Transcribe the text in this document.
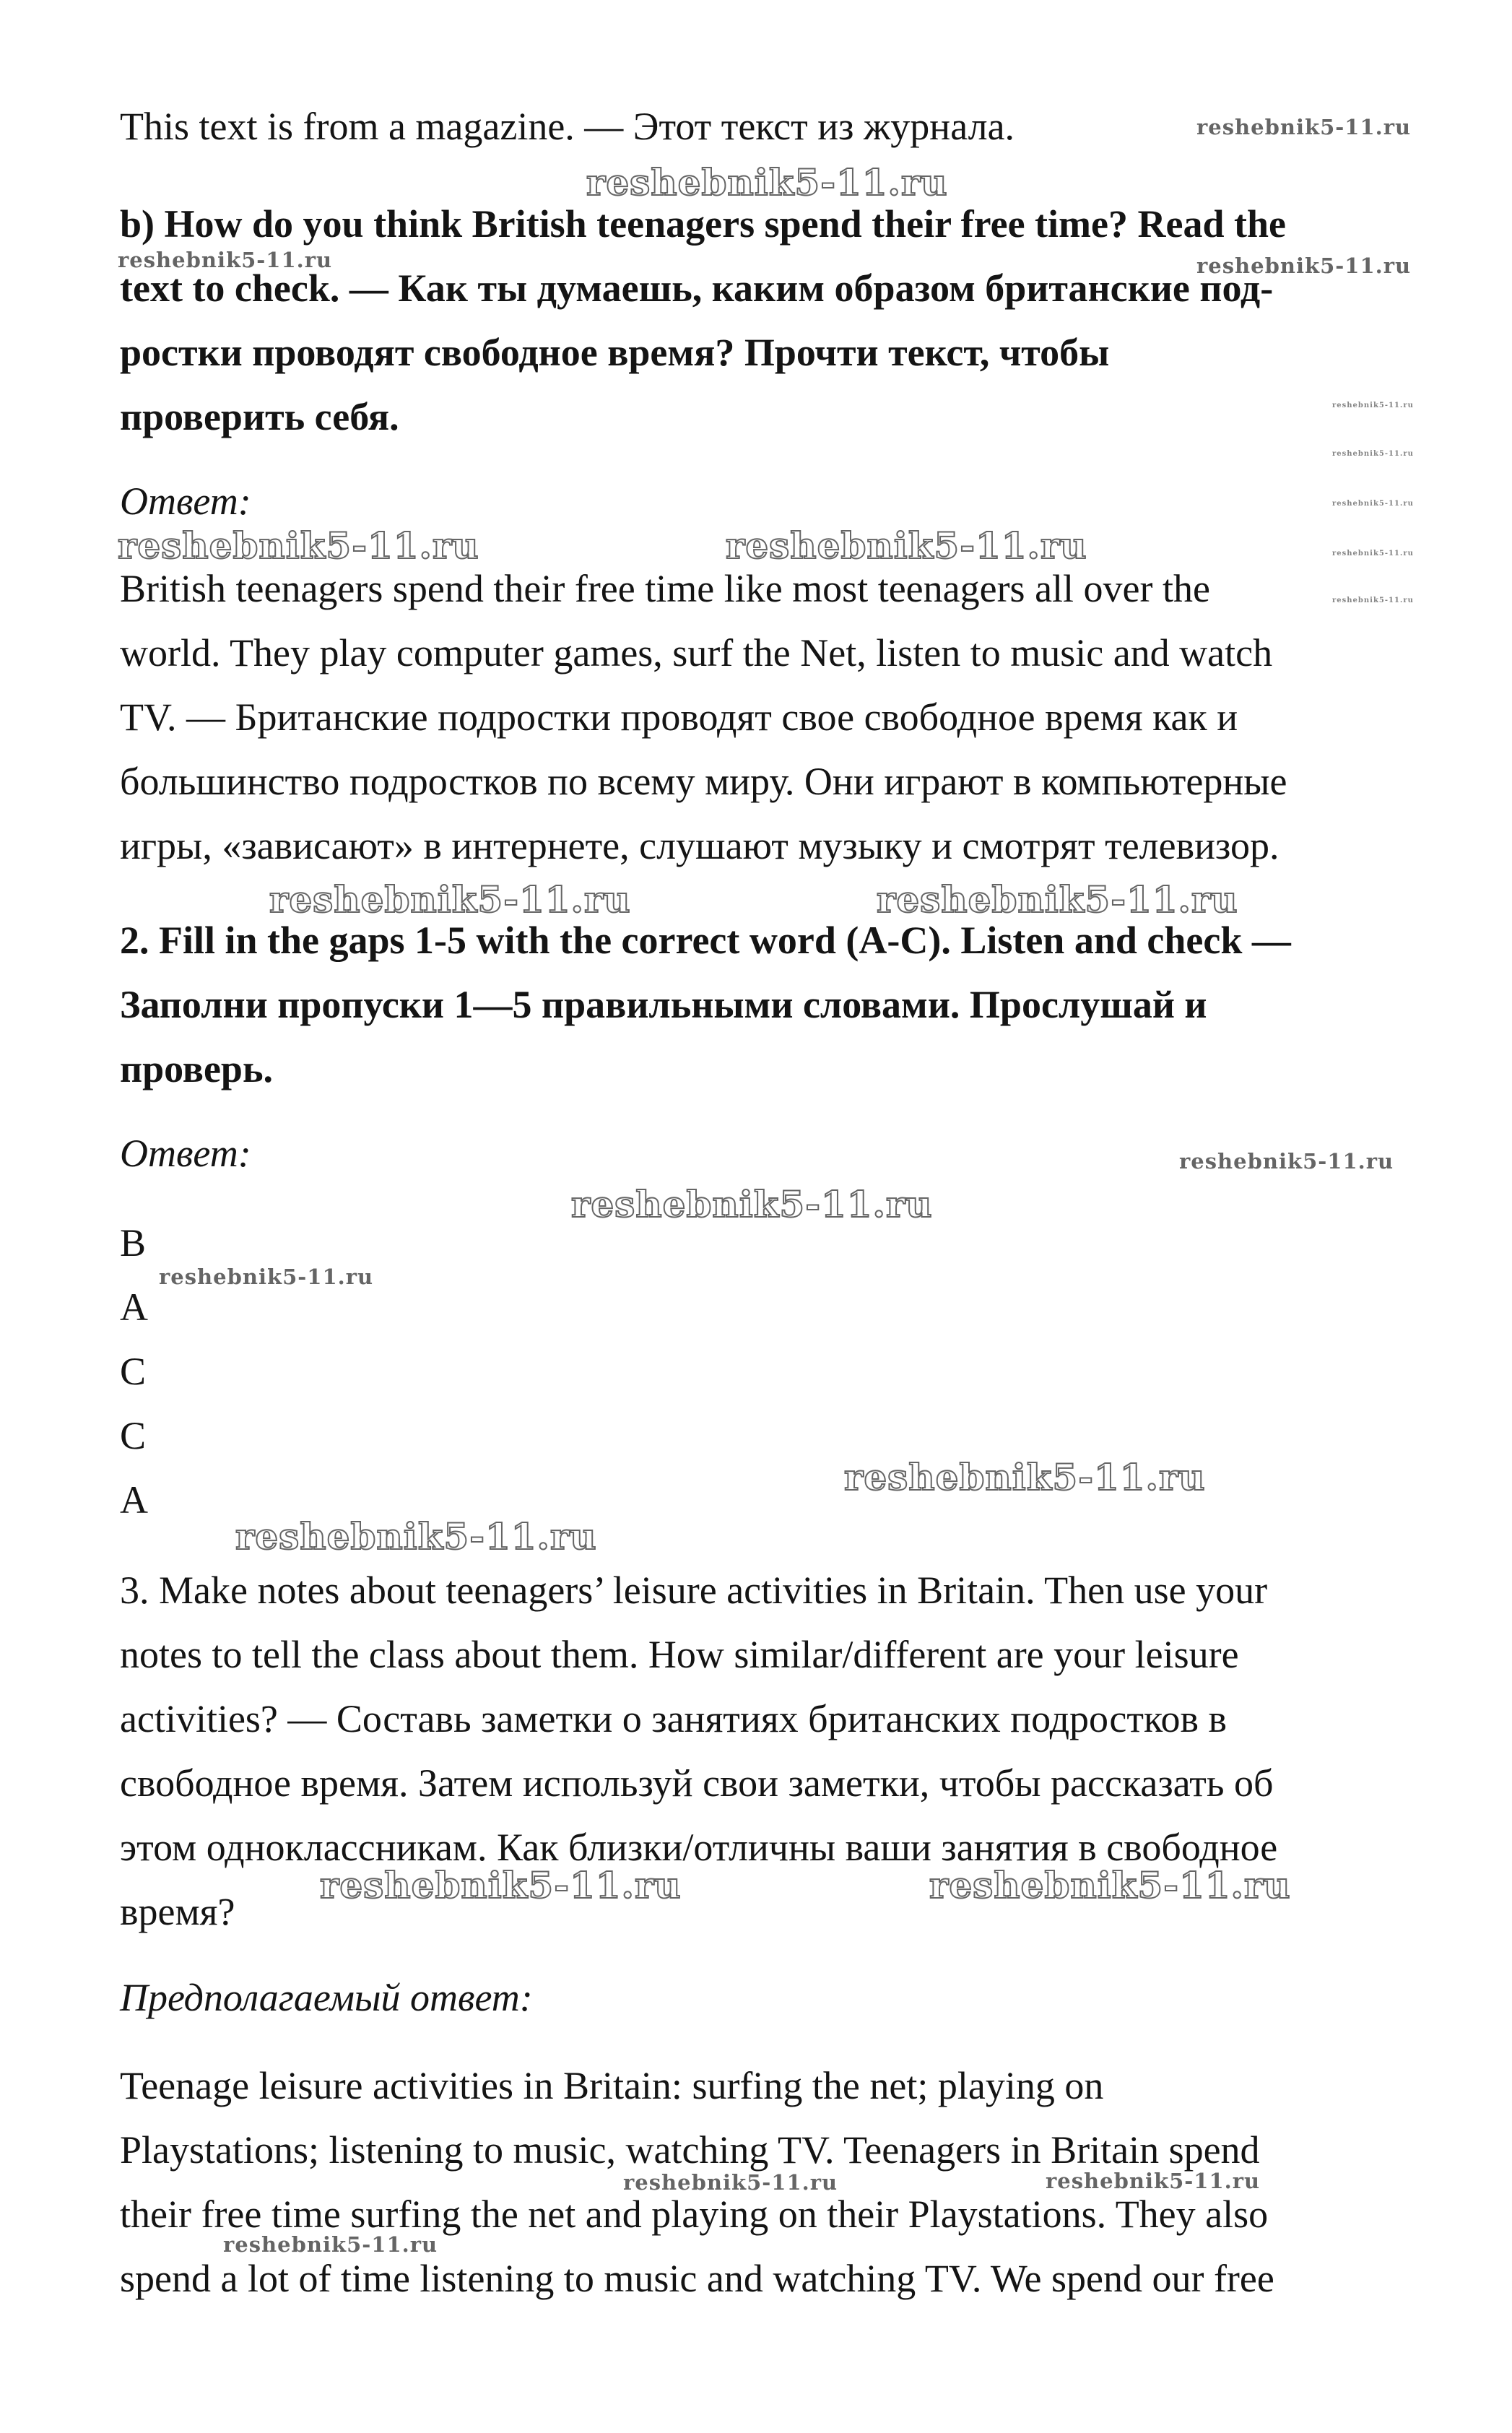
This text is from a magazine. — Этот текст из журнала.

b) How do you think British teenagers spend their free time? Read the

text to check. — Как ты думаешь, каким образом британские под-

ростки проводят свободное время? Прочти текст, чтобы

проверить себя.

Ответ:

British teenagers spend their free time like most teenagers all over the

world. They play computer games, surf the Net, listen to music and watch

TV. — Британские подростки проводят свое свободное время как и

большинство подростков по всему миру. Они играют в компьютерные

игры, «зависают» в интернете, слушают музыку и смотрят телевизор.

2. Fill in the gaps 1-5 with the correct word (A-C). Listen and check —

Заполни пропуски 1—5 правильными словами. Прослушай и

проверь.

Ответ:

B

A

C

C

A

3. Make notes about teenagers’ leisure activities in Britain. Then use your

notes to tell the class about them. How similar/different are your leisure

activities? — Составь заметки о занятиях британских подростков в

свободное время. Затем используй свои заметки, чтобы рассказать об

этом одноклассникам. Как близки/отличны ваши занятия в свободное

время?

Предполагаемый ответ:

Teenage leisure activities in Britain: surfing the net; playing on

Playstations; listening to music, watching TV. Teenagers in Britain spend

their free time surfing the net and playing on their Playstations. They also

spend a lot of time listening to music and watching TV. We spend our free

reshebnik5-11.ru
reshebnik5-11.ru
reshebnik5-11.ru	reshebnik5-11.ru
reshebnik5-11.ru
reshebnik5-11.ru
reshebnik5-11.ru
reshebnik5-11.ru
reshebnik5-11.ru
reshebnik5-11.ru	reshebnik5-11.ru
reshebnik5-11.ru	reshebnik5-11.ru
reshebnik5-11.ru
reshebnik5-11.ru
reshebnik5-11.ru
reshebnik5-11.ru
reshebnik5-11.ru
reshebnik5-11.ru	reshebnik5-11.ru
reshebnik5-11.ru	reshebnik5-11.ru
reshebnik5-11.ru
